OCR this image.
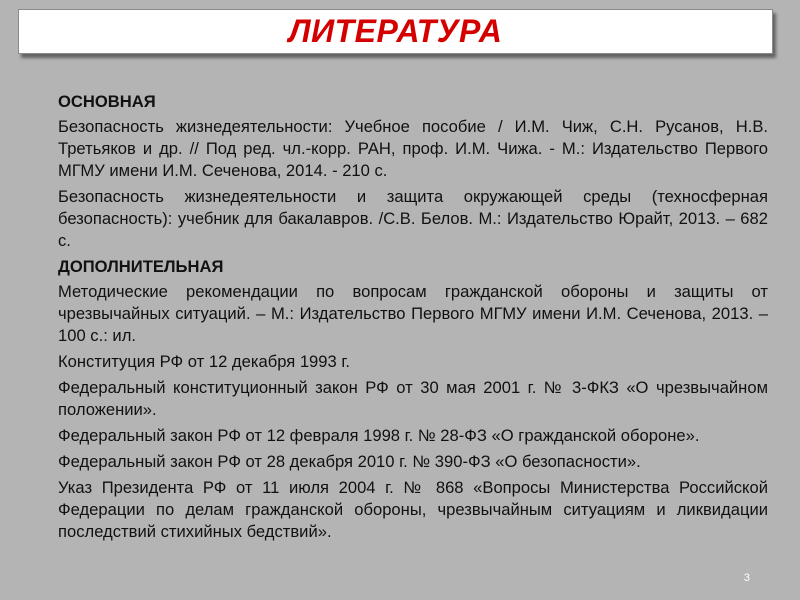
ЛИТЕРАТУРА
ОСНОВНАЯ
Безопасность жизнедеятельности: Учебное пособие / И.М. Чиж, С.Н. Русанов, Н.В. Третьяков и др. // Под ред. чл.-корр. РАН, проф. И.М. Чижа. - М.: Издательство Первого МГМУ имени И.М. Сеченова, 2014. - 210 с.
Безопасность жизнедеятельности и защита окружающей среды (техносферная безопасность): учебник для бакалавров. /С.В. Белов. М.: Издательство Юрайт, 2013. – 682 с.
ДОПОЛНИТЕЛЬНАЯ
Методические рекомендации по вопросам гражданской обороны и защиты от чрезвычайных ситуаций. – М.: Издательство Первого МГМУ имени И.М. Сеченова, 2013. – 100 с.: ил.
Конституция РФ от 12 декабря 1993 г.
Федеральный конституционный закон РФ от 30 мая 2001 г. № 3-ФКЗ «О чрезвычайном положении».
Федеральный закон РФ от 12 февраля 1998 г. № 28-ФЗ «О гражданской обороне».
Федеральный закон РФ от 28 декабря 2010 г. № 390-ФЗ «О безопасности».
Указ Президента РФ от 11 июля 2004 г. № 868 «Вопросы Министерства Российской Федерации по делам гражданской обороны, чрезвычайным ситуациям и ликвидации последствий стихийных бедствий».
3
